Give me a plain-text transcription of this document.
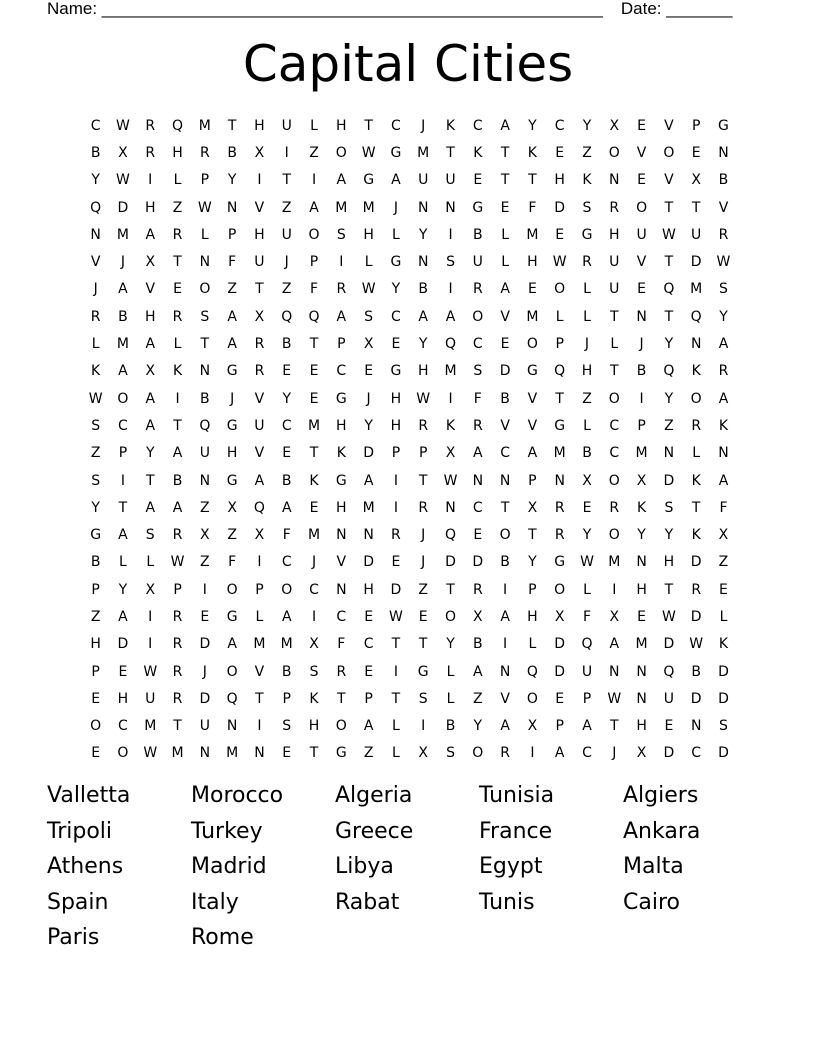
Name: _____________________________________________________ Date: _______
Capital Cities
C	W	R	Q	M	T	H	U	L	H	T	C	J	K	C	A	Y	C	Y	X	E	V	P	G
B	X	R	H	R	B	X	I	Z	O	W	G	M	T	K	T	K	E	Z	O	V	O	E	N
Y	W	I	L	P	Y	I	T	I	A	G	A	U	U	E	T	T	H	K	N	E	V	X	B
Q	D	H	Z	W	N	V	Z	A	M	M	J	N	N	G	E	F	D	S	R	O	T	T	V
N	M	A	R	L	P	H	U	O	S	H	L	Y	I	B	L	M	E	G	H	U	W	U	R
V	J	X	T	N	F	U	J	P	I	L	G	N	S	U	L	H	W	R	U	V	T	D	W
J	A	V	E	O	Z	T	Z	F	R	W	Y	B	I	R	A	E	O	L	U	E	Q	M	S
R	B	H	R	S	A	X	Q	Q	A	S	C	A	A	O	V	M	L	L	T	N	T	Q	Y
L	M	A	L	T	A	R	B	T	P	X	E	Y	Q	C	E	O	P	J	L	J	Y	N	A
K	A	X	K	N	G	R	E	E	C	E	G	H	M	S	D	G	Q	H	T	B	Q	K	R
W	O	A	I	B	J	V	Y	E	G	J	H	W	I	F	B	V	T	Z	O	I	Y	O	A
S	C	A	T	Q	G	U	C	M	H	Y	H	R	K	R	V	V	G	L	C	P	Z	R	K
Z	P	Y	A	U	H	V	E	T	K	D	P	P	X	A	C	A	M	B	C	M	N	L	N
S	I	T	B	N	G	A	B	K	G	A	I	T	W	N	N	P	N	X	O	X	D	K	A
Y	T	A	A	Z	X	Q	A	E	H	M	I	R	N	C	T	X	R	E	R	K	S	T	F
G	A	S	R	X	Z	X	F	M	N	N	R	J	Q	E	O	T	R	Y	O	Y	Y	K	X
B	L	L	W	Z	F	I	C	J	V	D	E	J	D	D	B	Y	G	W	M	N	H	D	Z
P	Y	X	P	I	O	P	O	C	N	H	D	Z	T	R	I	P	O	L	I	H	T	R	E
Z	A	I	R	E	G	L	A	I	C	E	W	E	O	X	A	H	X	F	X	E	W	D	L
H	D	I	R	D	A	M	M	X	F	C	T	T	Y	B	I	L	D	Q	A	M	D	W	K
P	E	W	R	J	O	V	B	S	R	E	I	G	L	A	N	Q	D	U	N	N	Q	B	D
E	H	U	R	D	Q	T	P	K	T	P	T	S	L	Z	V	O	E	P	W	N	U	D	D
O	C	M	T	U	N	I	S	H	O	A	L	I	B	Y	A	X	P	A	T	H	E	N	S
E	O	W	M	N	M	N	E	T	G	Z	L	X	S	O	R	I	A	C	J	X	D	C	D
Valletta	Morocco	Algeria	Tunisia	Algiers
Tripoli	Turkey	Greece	France	Ankara
Athens	Madrid	Libya	Egypt	Malta
Spain	Italy	Rabat	Tunis	Cairo
Paris	Rome
